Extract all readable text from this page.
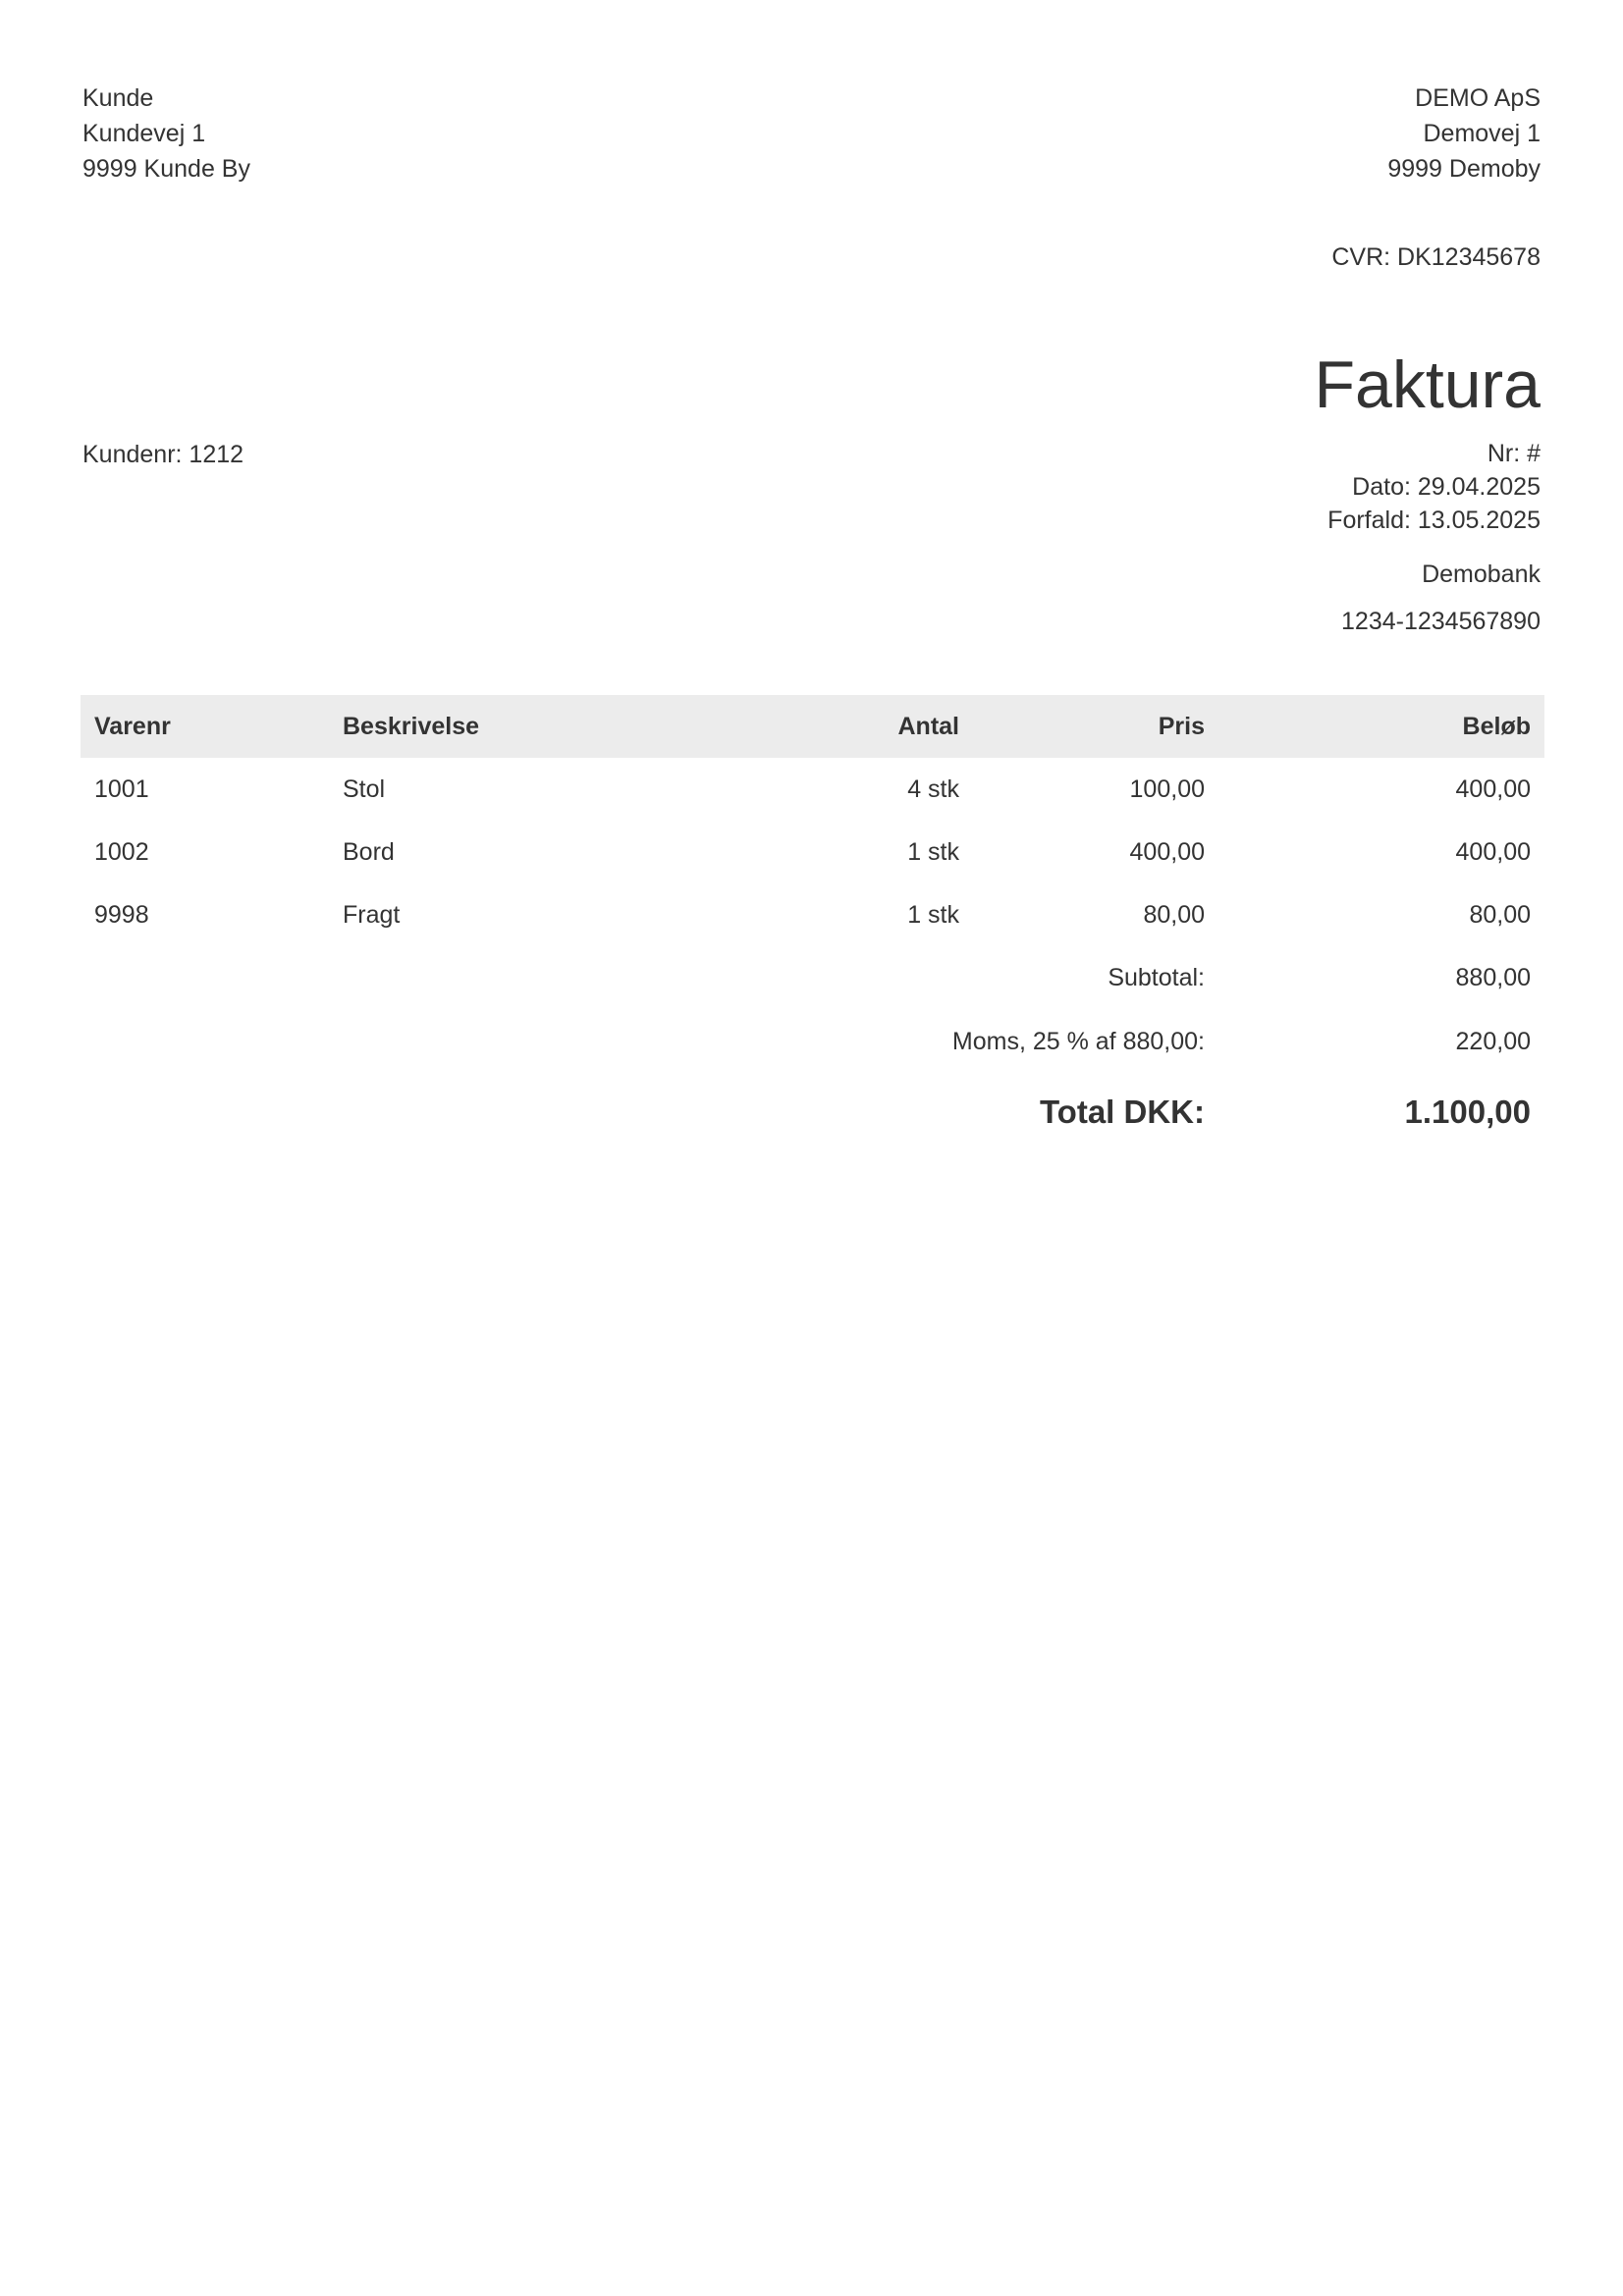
Kunde
Kundevej 1
9999 Kunde By
DEMO ApS
Demovej 1
9999 Demoby
CVR: DK12345678
Faktura
Kundenr: 1212	Nr: #
Dato: 29.04.2025
Forfald: 13.05.2025
Demobank
1234-1234567890
Varenr	Beskrivelse	Antal	Pris	Beløb
1001	Stol	4 stk	100,00	400,00
1002	Bord	1 stk	400,00	400,00
9998	Fragt	1 stk	80,00	80,00
Subtotal:				880,00
Moms, 25 % af 880,00:				220,00
Total DKK:				1.100,00
